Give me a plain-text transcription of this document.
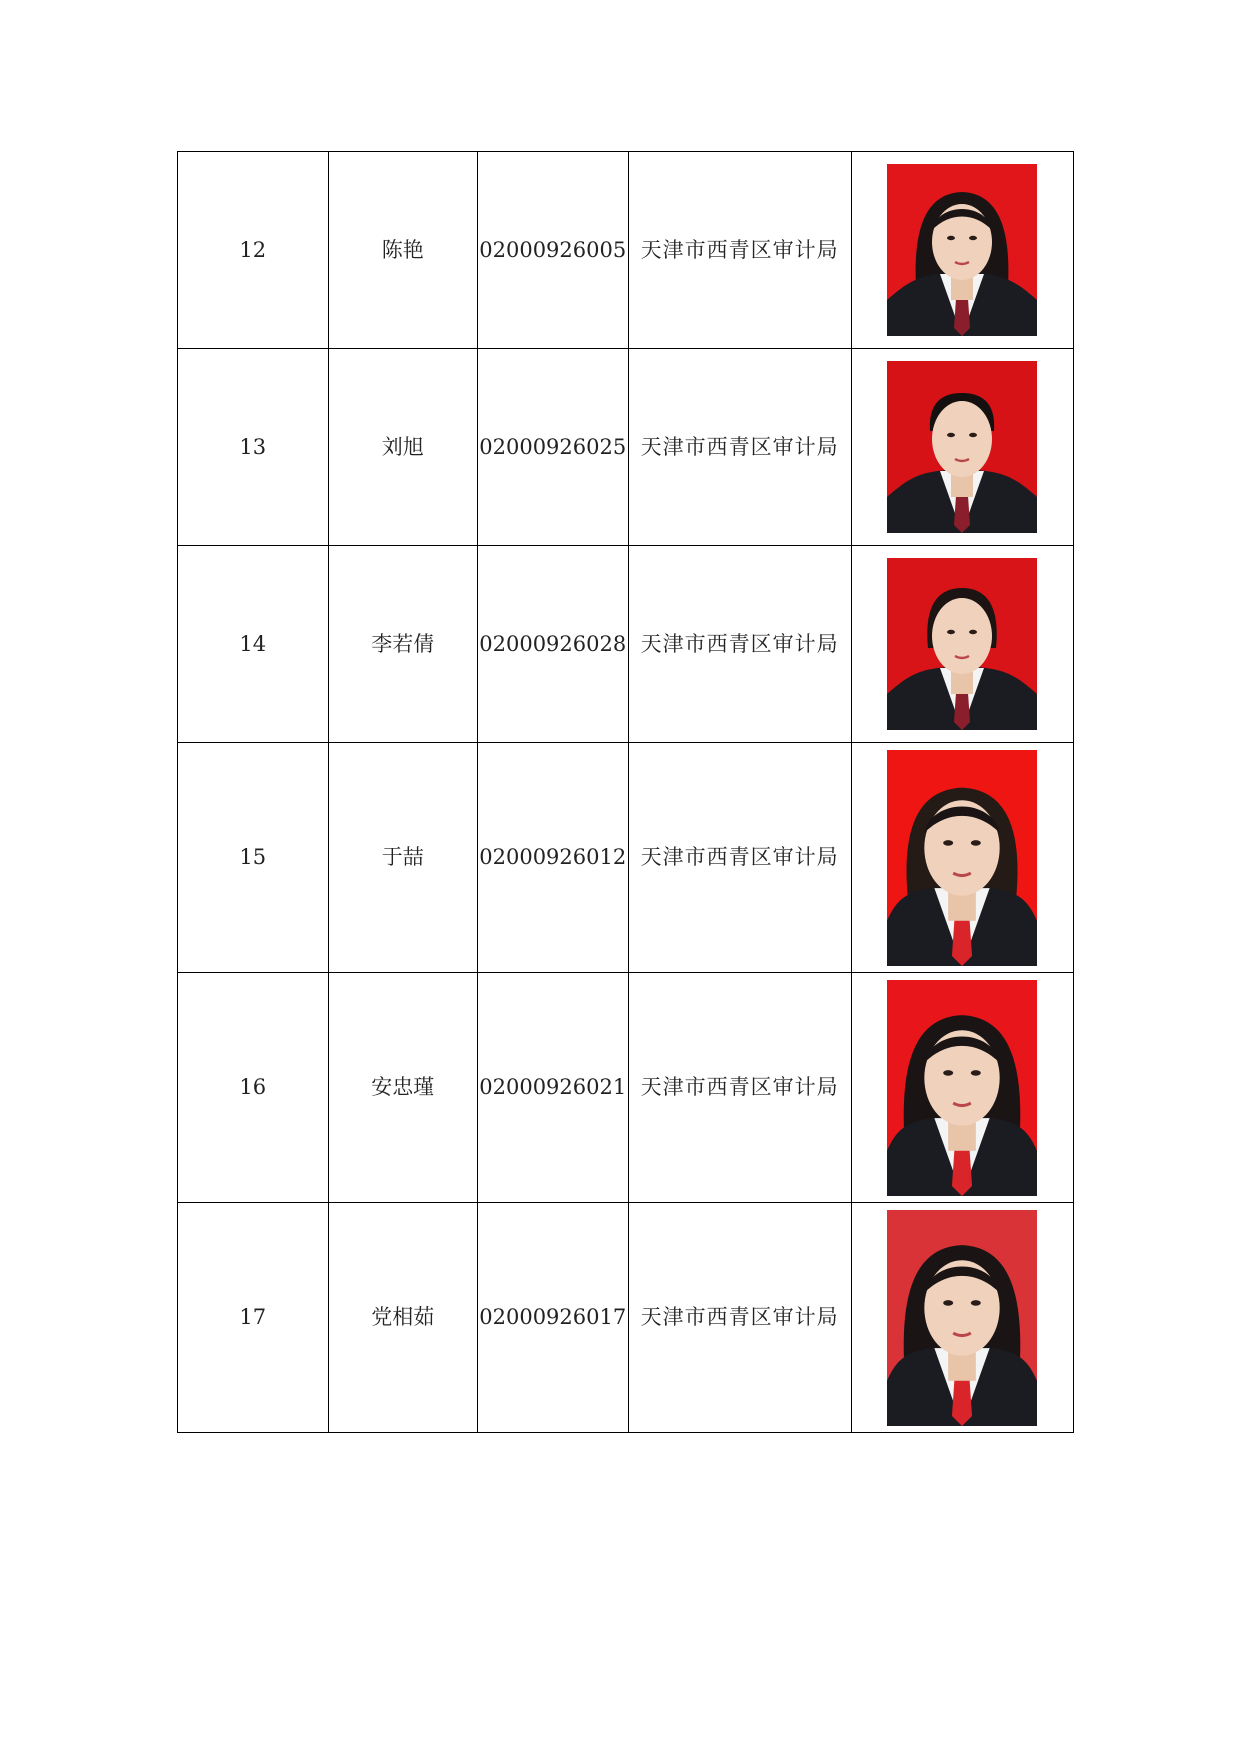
12	陈艳	02000926005	天津市西青区审计局	

13	刘旭	02000926025	天津市西青区审计局	

14	李若倩	02000926028	天津市西青区审计局	

15	于喆	02000926012	天津市西青区审计局	

16	安忠瑾	02000926021	天津市西青区审计局	

17	党相茹	02000926017	天津市西青区审计局	
